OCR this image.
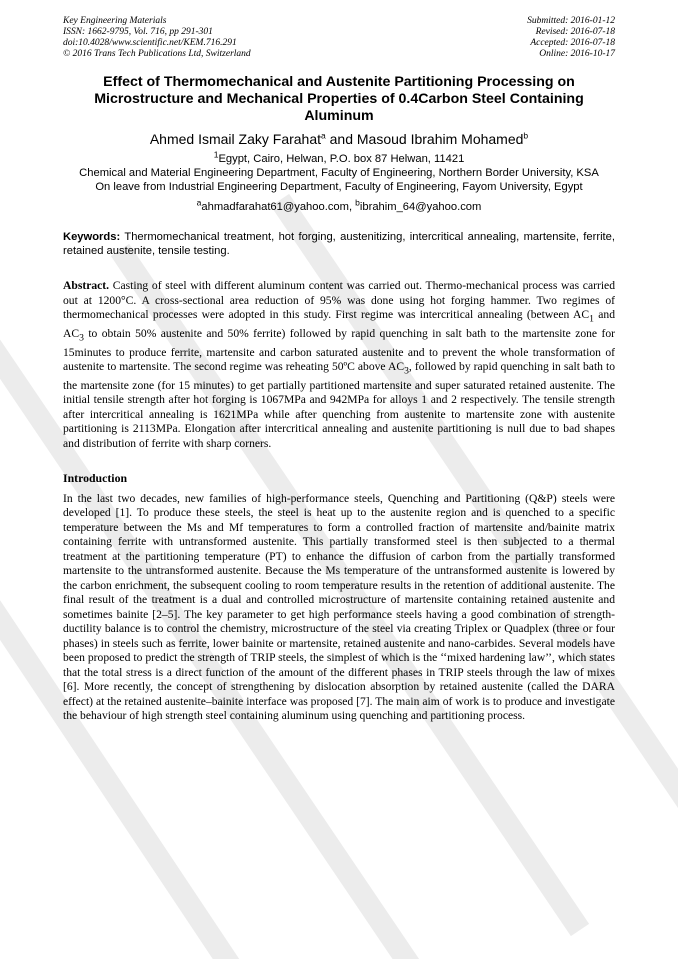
Key Engineering Materials
ISSN: 1662-9795, Vol. 716, pp 291-301
doi:10.4028/www.scientific.net/KEM.716.291
© 2016 Trans Tech Publications Ltd, Switzerland
Submitted: 2016-01-12
Revised: 2016-07-18
Accepted: 2016-07-18
Online: 2016-10-17
Effect of Thermomechanical and Austenite Partitioning Processing on Microstructure and Mechanical Properties of 0.4Carbon Steel Containing Aluminum
Ahmed Ismail Zaky Farahat$^a$ and Masoud Ibrahim Mohamed$^b$
$^1$Egypt, Cairo, Helwan, P.O. box 87 Helwan, 11421
Chemical and Material Engineering Department, Faculty of Engineering, Northern Border University, KSA
On leave from Industrial Engineering Department, Faculty of Engineering, Fayom University, Egypt
$^a$ahmadfarahat61@yahoo.com, $^b$ibrahim_64@yahoo.com
Keywords: Thermomechanical treatment, hot forging, austenitizing, intercritical annealing, martensite, ferrite, retained austenite, tensile testing.
Abstract. Casting of steel with different aluminum content was carried out. Thermo-mechanical process was carried out at 1200°C. A cross-sectional area reduction of 95% was done using hot forging hammer. Two regimes of thermomechanical processes were adopted in this study. First regime was intercritical annealing (between $AC_1$ and $AC_3$ to obtain 50% austenite and 50% ferrite) followed by rapid quenching in salt bath to the martensite zone for 15minutes to produce ferrite, martensite and carbon saturated austenite and to prevent the whole transformation of austenite to martensite. The second regime was reheating 50ºC above $AC_3$, followed by rapid quenching in salt bath to the martensite zone (for 15 minutes) to get partially partitioned martensite and super saturated retained austenite. The initial tensile strength after hot forging is 1067MPa and 942MPa for alloys 1 and 2 respectively. The tensile strength after intercritical annealing is 1621MPa while after quenching from austenite to martensite zone with austenite partitioning is 2113MPa. Elongation after intercritical annealing and austenite partitioning is null due to bad shapes and distribution of ferrite with sharp corners.
Introduction
In the last two decades, new families of high-performance steels, Quenching and Partitioning (Q&P) steels were developed [1]. To produce these steels, the steel is heat up to the austenite region and is quenched to a specific temperature between the Ms and Mf temperatures to form a controlled fraction of martensite and/bainite matrix containing ferrite with untransformed austenite. This partially transformed steel is then subjected to a thermal treatment at the partitioning temperature (PT) to enhance the diffusion of carbon from the partially transformed martensite to the untransformed austenite. Because the Ms temperature of the untransformed austenite is lowered by the carbon enrichment, the subsequent cooling to room temperature results in the retention of additional austenite. The final result of the treatment is a dual and controlled microstructure of martensite containing retained austenite and sometimes bainite [2–5]. The key parameter to get high performance steels having a good combination of strength-ductility balance is to control the chemistry, microstructure of the steel via creating Triplex or Quadplex (three or four phases) in steels such as ferrite, lower bainite or martensite, retained austenite and nano-carbides. Several models have been proposed to predict the strength of TRIP steels, the simplest of which is the ‘‘mixed hardening law’’, which states that the total stress is a direct function of the amount of the different phases in TRIP steels through the law of mixes [6]. More recently, the concept of strengthening by dislocation absorption by retained austenite (called the DARA effect) at the retained austenite–bainite interface was proposed [7]. The main aim of work is to produce and investigate the behaviour of high strength steel containing aluminum using quenching and partitioning process.
